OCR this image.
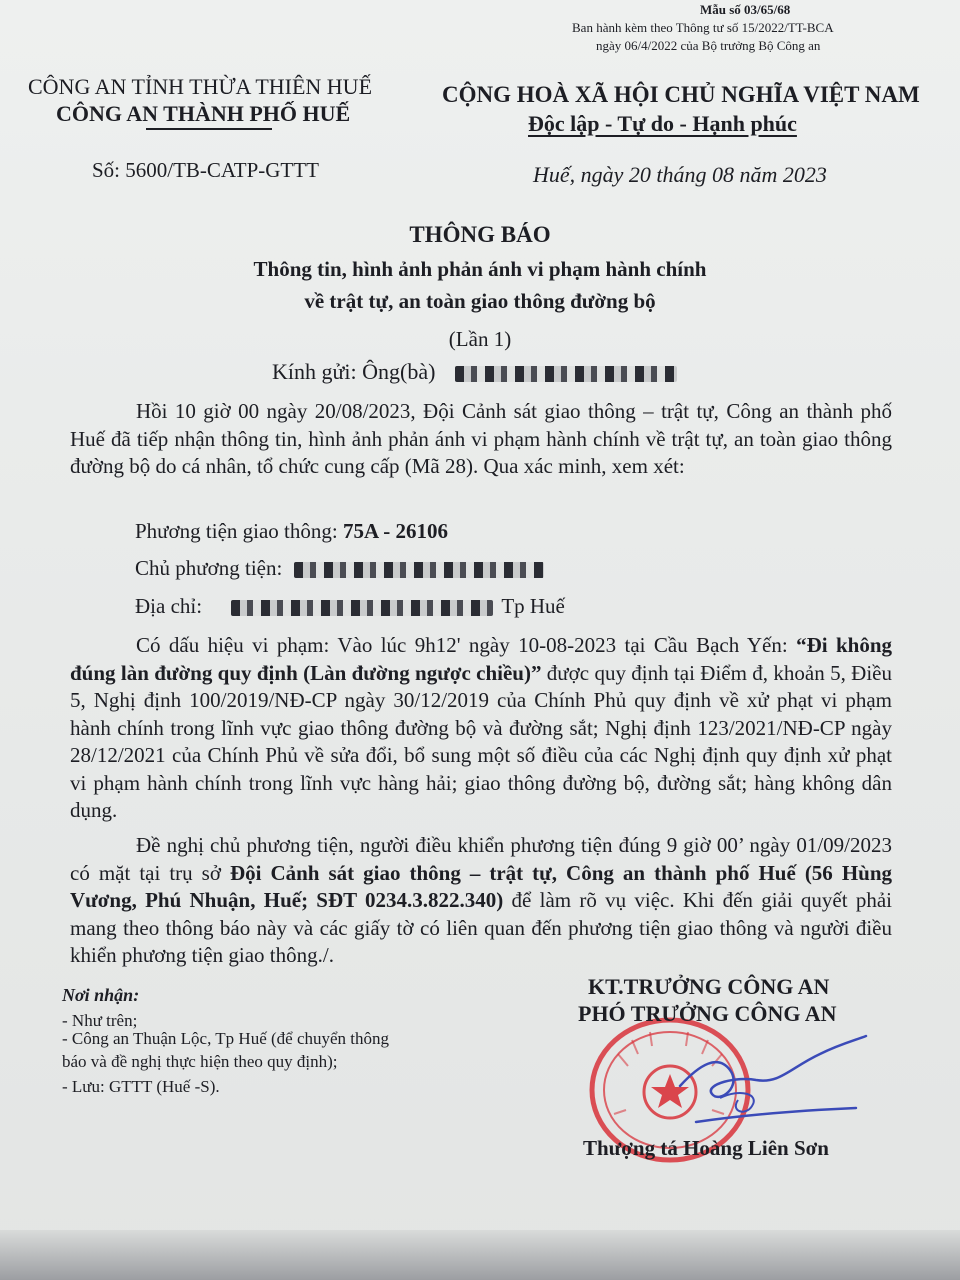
Mẫu số 03/65/68
Ban hành kèm theo Thông tư số 15/2022/TT-BCA
ngày 06/4/2022 của Bộ trưởng Bộ Công an
CÔNG AN TỈNH THỪA THIÊN HUẾ
CÔNG AN THÀNH PHỐ HUẾ
CỘNG HOÀ XÃ HỘI CHỦ NGHĨA VIỆT NAM
Độc lập - Tự do - Hạnh phúc
Số: 5600/TB-CATP-GTTT	Huế, ngày 20 tháng 08 năm 2023
THÔNG BÁO
Thông tin, hình ảnh phản ánh vi phạm hành chính
về trật tự, an toàn giao thông đường bộ
(Lần 1)
Kính gửi: Ông(bà)
Hồi 10 giờ 00 ngày 20/08/2023, Đội Cảnh sát giao thông – trật tự, Công an thành phố Huế đã tiếp nhận thông tin, hình ảnh phản ánh vi phạm hành chính về trật tự, an toàn giao thông đường bộ do cá nhân, tổ chức cung cấp (Mã 28). Qua xác minh, xem xét:
Phương tiện giao thông: 75A - 26106
Chủ phương tiện:
Địa chỉ:	Tp Huế
Có dấu hiệu vi phạm: Vào lúc 9h12' ngày 10-08-2023 tại Cầu Bạch Yến: “Đi không đúng làn đường quy định (Làn đường ngược chiều)” được quy định tại Điểm đ, khoản 5, Điều 5, Nghị định 100/2019/NĐ-CP ngày 30/12/2019 của Chính Phủ quy định về xử phạt vi phạm hành chính trong lĩnh vực giao thông đường bộ và đường sắt; Nghị định 123/2021/NĐ-CP ngày 28/12/2021 của Chính Phủ về sửa đổi, bổ sung một số điều của các Nghị định quy định xử phạt vi phạm hành chính trong lĩnh vực hàng hải; giao thông đường bộ, đường sắt; hàng không dân dụng.
Đề nghị chủ phương tiện, người điều khiển phương tiện đúng 9 giờ 00’ ngày 01/09/2023 có mặt tại trụ sở Đội Cảnh sát giao thông – trật tự, Công an thành phố Huế (56 Hùng Vương, Phú Nhuận, Huế; SĐT 0234.3.822.340) để làm rõ vụ việc. Khi đến giải quyết phải mang theo thông báo này và các giấy tờ có liên quan đến phương tiện giao thông và người điều khiển phương tiện giao thông./.
Nơi nhận:
- Như trên;
- Công an Thuận Lộc, Tp Huế (để chuyển thông
báo và đề nghị thực hiện theo quy định);
- Lưu: GTTT (Huế -S).
KT.TRƯỞNG CÔNG AN
PHÓ TRƯỞNG CÔNG AN
Thượng tá Hoàng Liên Sơn
